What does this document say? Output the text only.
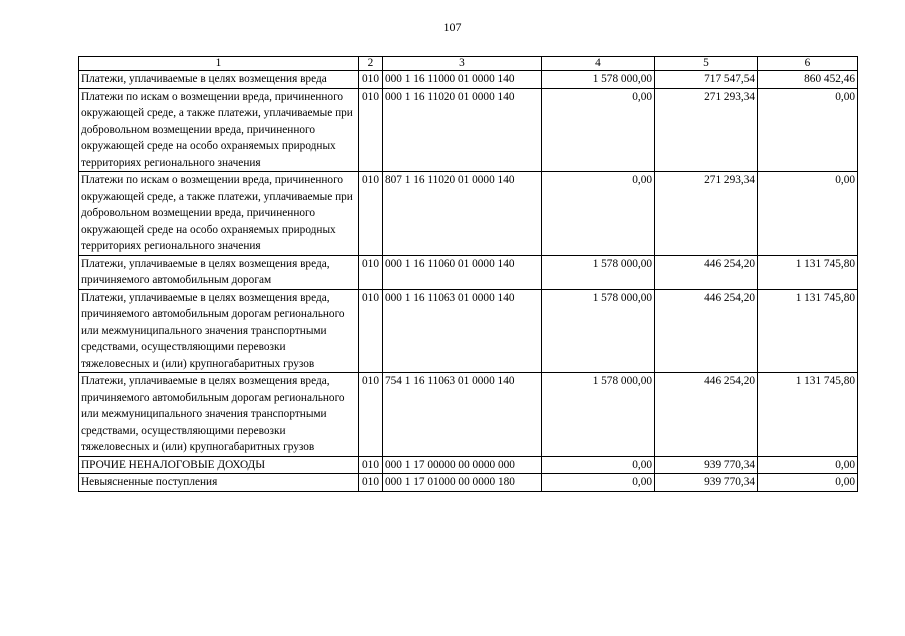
107
1	2	3	4	5	6
Платежи, уплачиваемые в целях возмещения вреда	010	000 1 16 11000 01 0000 140	1 578 000,00	717 547,54	860 452,46
Платежи по искам о возмещении вреда, причиненного окружающей среде, а также платежи, уплачиваемые при добровольном возмещении вреда, причиненного окружающей среде на особо охраняемых природных территориях регионального значения	010	000 1 16 11020 01 0000 140	0,00	271 293,34	0,00
Платежи по искам о возмещении вреда, причиненного окружающей среде, а также платежи, уплачиваемые при добровольном возмещении вреда, причиненного окружающей среде на особо охраняемых природных территориях регионального значения	010	807 1 16 11020 01 0000 140	0,00	271 293,34	0,00
Платежи, уплачиваемые в целях возмещения вреда, причиняемого автомобильным дорогам	010	000 1 16 11060 01 0000 140	1 578 000,00	446 254,20	1 131 745,80
Платежи, уплачиваемые в целях возмещения вреда, причиняемого автомобильным дорогам регионального или межмуниципального значения транспортными средствами, осуществляющими перевозки тяжеловесных и (или) крупногабаритных грузов	010	000 1 16 11063 01 0000 140	1 578 000,00	446 254,20	1 131 745,80
Платежи, уплачиваемые в целях возмещения вреда, причиняемого автомобильным дорогам регионального или межмуниципального значения транспортными средствами, осуществляющими перевозки тяжеловесных и (или) крупногабаритных грузов	010	754 1 16 11063 01 0000 140	1 578 000,00	446 254,20	1 131 745,80
ПРОЧИЕ НЕНАЛОГОВЫЕ ДОХОДЫ	010	000 1 17 00000 00 0000 000	0,00	939 770,34	0,00
Невыясненные поступления	010	000 1 17 01000 00 0000 180	0,00	939 770,34	0,00
